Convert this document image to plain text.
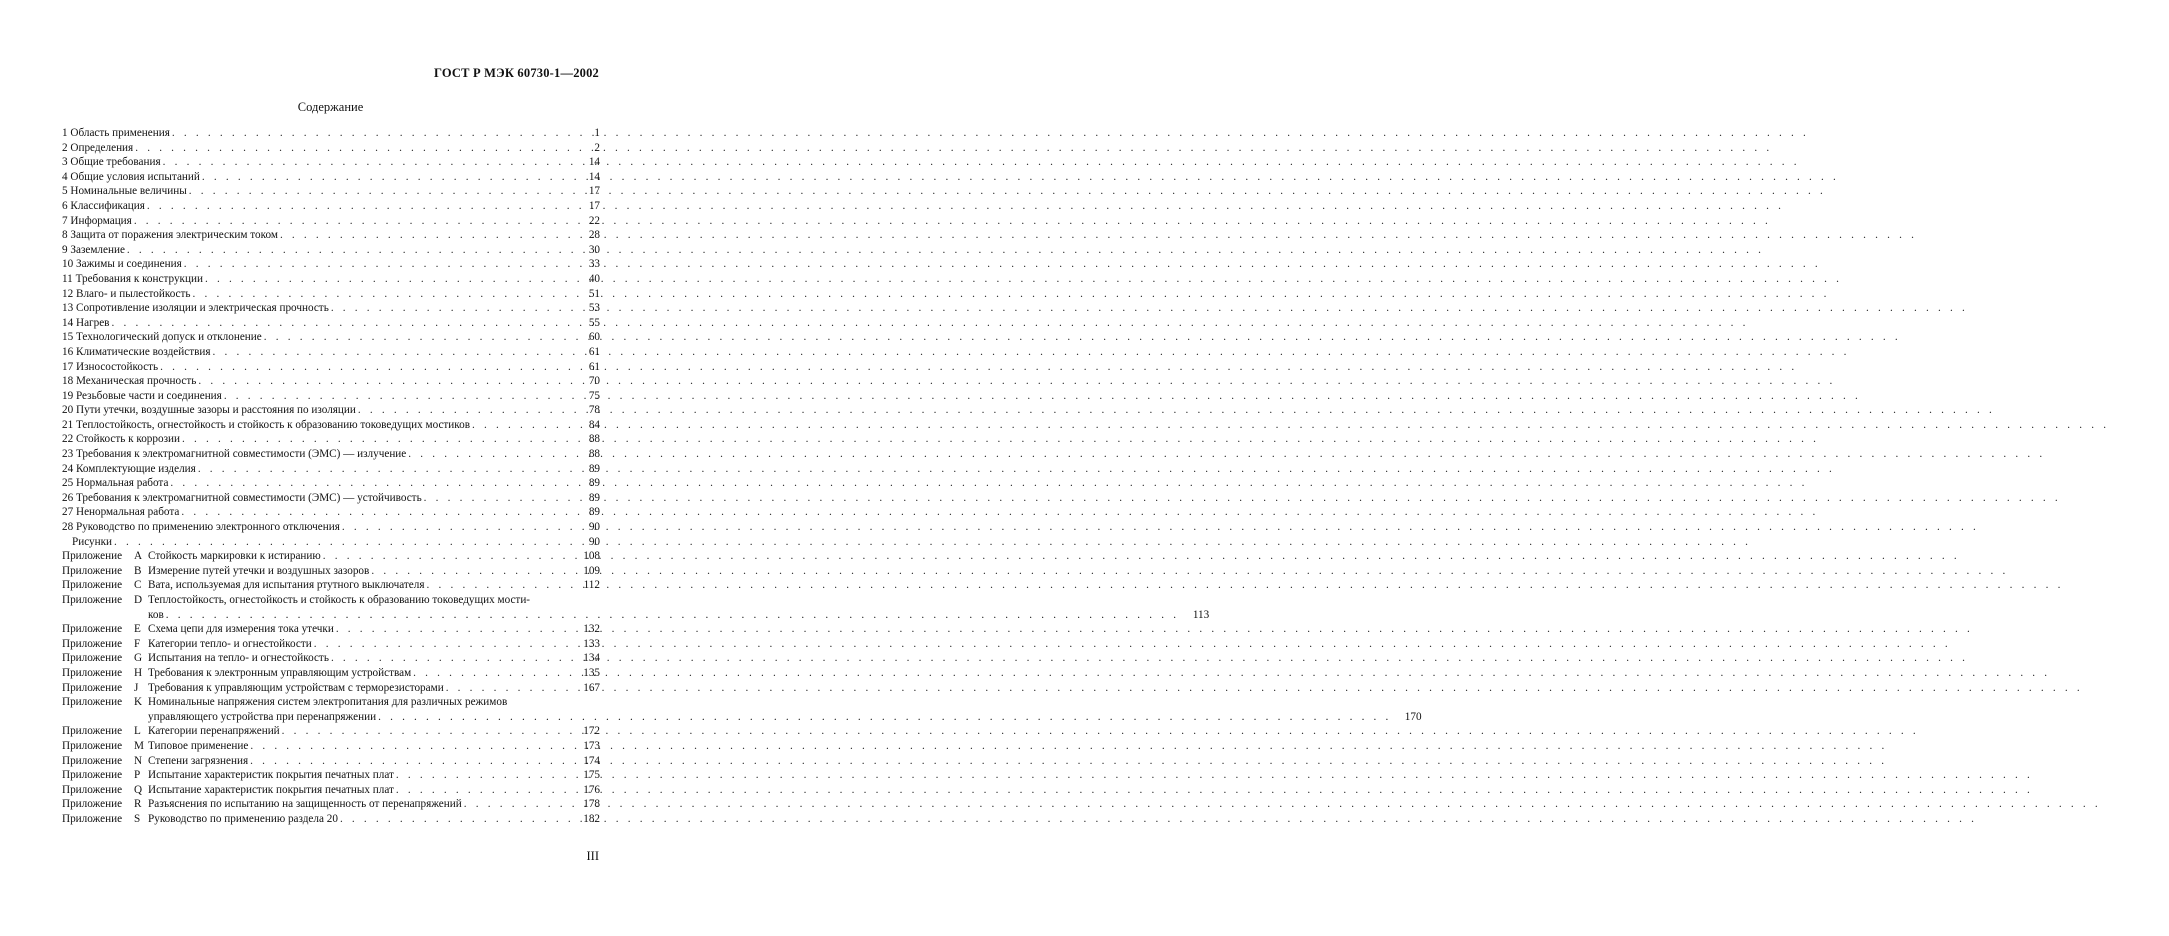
ГОСТ Р МЭК 60730-1—2002
Содержание
1 Область применения . . .	1
2 Определения . . .	2
3 Общие требования . . .	14
4 Общие условия испытаний . . .	14
5 Номинальные величины . . .	17
6 Классификация . . .	17
7 Информация . . .	22
8 Защита от поражения электрическим током . . .	28
9 Заземление . . .	30
10 Зажимы и соединения . . .	33
11 Требования к конструкции . . .	40
12 Влаго- и пылестойкость . . .	51
13 Сопротивление изоляции и электрическая прочность . . .	53
14 Нагрев . . .	55
15 Технологический допуск и отклонение . . .	60
16 Климатические воздействия . . .	61
17 Износостойкость . . .	61
18 Механическая прочность . . .	70
19 Резьбовые части и соединения . . .	75
20 Пути утечки, воздушные зазоры и расстояния по изоляции . . .	78
21 Теплостойкость, огнестойкость и стойкость к образованию токоведущих мостиков . . .	84
22 Стойкость к коррозии . . .	88
23 Требования к электромагнитной совместимости (ЭМС) — излучение . . .	88
24 Комплектующие изделия . . .	89
25 Нормальная работа . . .	89
26 Требования к электромагнитной совместимости (ЭМС) — устойчивость . . .	89
27 Ненормальная работа . . .	89
28 Руководство по применению электронного отключения . . .	90
Рисунки . . .	90
Приложение A Стойкость маркировки к истиранию . . .	108
Приложение B Измерение путей утечки и воздушных зазоров . . .	109
Приложение C Вата, используемая для испытания ртутного выключателя . . .	112
Приложение D Теплостойкость, огнестойкость и стойкость к образованию токоведущих мости-
ков . . .	113
Приложение E Схема цепи для измерения тока утечки . . .	132
Приложение F Категории тепло- и огнестойкости . . .	133
Приложение G Испытания на тепло- и огнестойкость . . .	134
Приложение H Требования к электронным управляющим устройствам . . .	135
Приложение J Требования к управляющим устройствам с терморезисторами . . .	167
Приложение K Номинальные напряжения систем электропитания для различных режимов
управляющего устройства при перенапряжении . . .	170
Приложение L Категории перенапряжений . . .	172
Приложение M Типовое применение . . .	173
Приложение N Степени загрязнения . . .	174
Приложение P Испытание характеристик покрытия печатных плат . . .	175
Приложение Q Испытание характеристик покрытия печатных плат . . .	176
Приложение R Разъяснения по испытанию на защищенность от перенапряжений . . .	178
Приложение S Руководство по применению раздела 20 . . .	182
III
